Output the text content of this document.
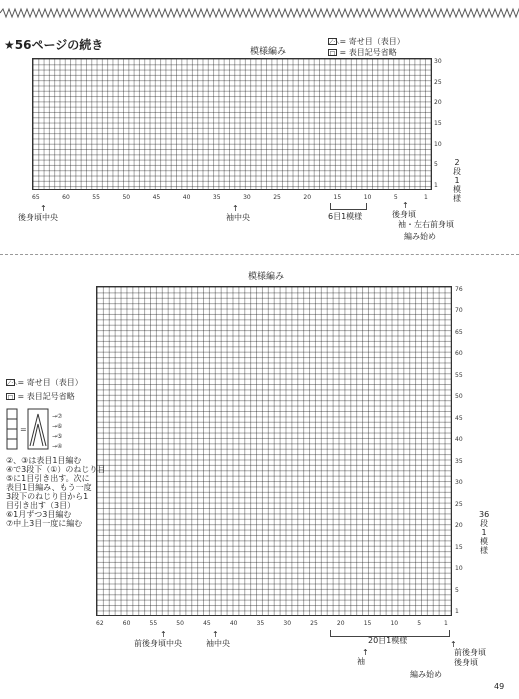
★56ページの続き	模様編み
⟋·⟍ = 寄せ目（表目）
□ = 表目記号省略
30
25
20
15
10
5
1
65	60	55	50	45	40	35	30	25	20	15	10	5	1
2段1模様
↑
後身頃中央
↑
袖中央	6目1模様
↑
後身頃
袖・左右前身頃
編み始め
模様編み
76
70
65
60
55
50
45
40
35
30
25
20
15
10
5
1
62	60	55	50	45	40	35	30	25	20	15	10	5	1
36段1模様
⟋·⟍ = 寄せ目（表目）
□ = 表目記号省略
=
→⑦
→⑥
→⑤
→④
②、③は表目1目編む
④で3段下（①）のねじり目
⑤に1目引き出す。次に
表目1目編み、もう一度
3段下のねじり目から1
目引き出す（3目）
⑥1月ずつ3目編む
⑦中上3目一度に編む
↑
前後身頃中央
↑
袖中央	20目1模様
↑
袖
↑
前後身頃
後身頃
編み始め
49
